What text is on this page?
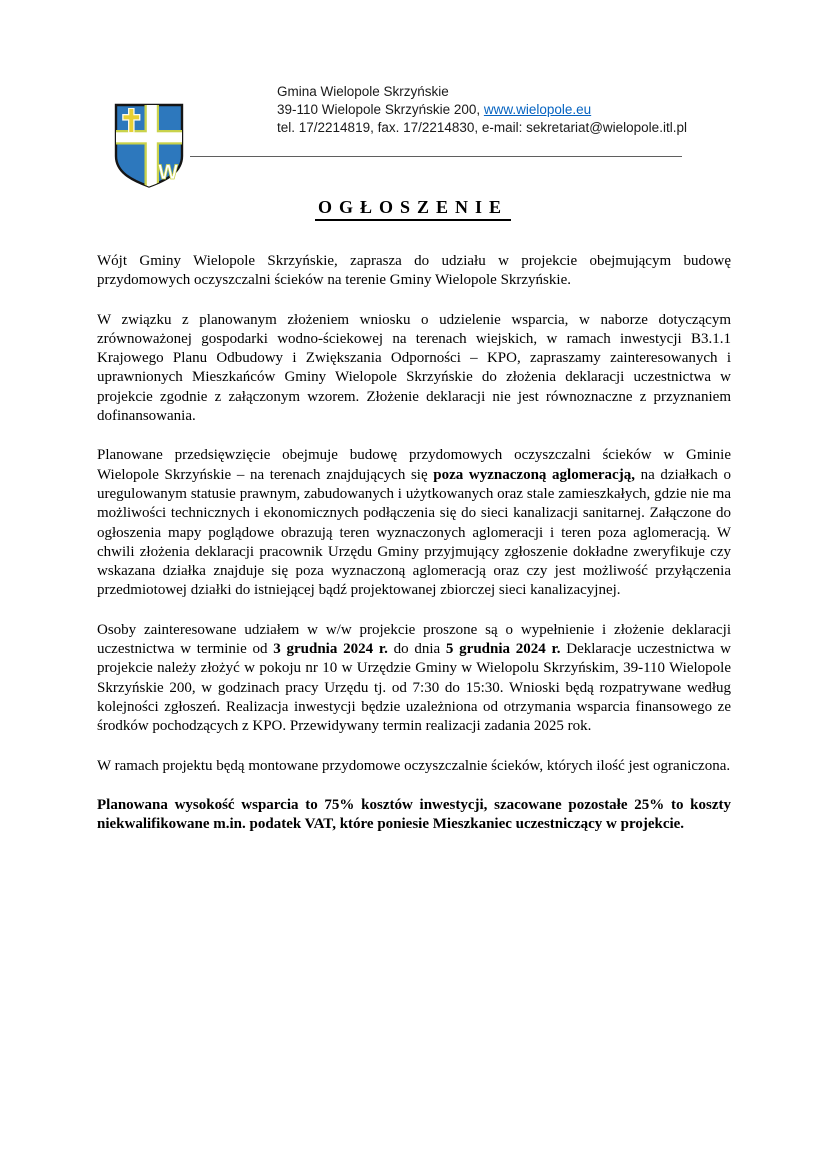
W
Gmina Wielopole Skrzyńskie
39-110 Wielopole Skrzyńskie 200, www.wielopole.eu
tel. 17/2214819, fax. 17/2214830, e-mail: sekretariat@wielopole.itl.pl
OGŁOSZENIE

Wójt Gminy Wielopole Skrzyńskie, zaprasza do udziału w projekcie obejmującym budowę przydomowych oczyszczalni ścieków na terenie Gminy Wielopole Skrzyńskie.

W związku z planowanym złożeniem wniosku o udzielenie wsparcia, w naborze dotyczącym zrównoważonej gospodarki wodno-ściekowej na terenach wiejskich, w ramach inwestycji B3.1.1 Krajowego Planu Odbudowy i Zwiększania Odporności – KPO, zapraszamy zainteresowanych i uprawnionych Mieszkańców Gminy Wielopole Skrzyńskie do złożenia deklaracji uczestnictwa w projekcie zgodnie z załączonym wzorem. Złożenie deklaracji nie jest równoznaczne z przyznaniem dofinansowania.

Planowane przedsięwzięcie obejmuje budowę przydomowych oczyszczalni ścieków w Gminie Wielopole Skrzyńskie – na terenach znajdujących się poza wyznaczoną aglomeracją, na działkach o uregulowanym statusie prawnym, zabudowanych i użytkowanych oraz stale zamieszkałych, gdzie nie ma możliwości technicznych i ekonomicznych podłączenia się do sieci kanalizacji sanitarnej. Załączone do ogłoszenia mapy poglądowe obrazują teren wyznaczonych aglomeracji i teren poza aglomeracją. W chwili złożenia deklaracji pracownik Urzędu Gminy przyjmujący zgłoszenie dokładne zweryfikuje czy wskazana działka znajduje się poza wyznaczoną aglomeracją oraz czy jest możliwość przyłączenia przedmiotowej działki do istniejącej bądź projektowanej zbiorczej sieci kanalizacyjnej.

Osoby zainteresowane udziałem w w/w projekcie proszone są o wypełnienie i złożenie deklaracji uczestnictwa w terminie od 3 grudnia 2024 r. do dnia 5 grudnia 2024 r. Deklaracje uczestnictwa w projekcie należy złożyć w pokoju nr 10 w Urzędzie Gminy w Wielopolu Skrzyńskim, 39-110 Wielopole Skrzyńskie 200, w godzinach pracy Urzędu tj. od 7:30 do 15:30. Wnioski będą rozpatrywane według kolejności zgłoszeń. Realizacja inwestycji będzie uzależniona od otrzymania wsparcia finansowego ze środków pochodzących z KPO. Przewidywany termin realizacji zadania 2025 rok.

W ramach projektu będą montowane przydomowe oczyszczalnie ścieków, których ilość jest ograniczona.

Planowana wysokość wsparcia to 75% kosztów inwestycji, szacowane pozostałe 25% to koszty niekwalifikowane m.in. podatek VAT, które poniesie Mieszkaniec uczestniczący w projekcie.
